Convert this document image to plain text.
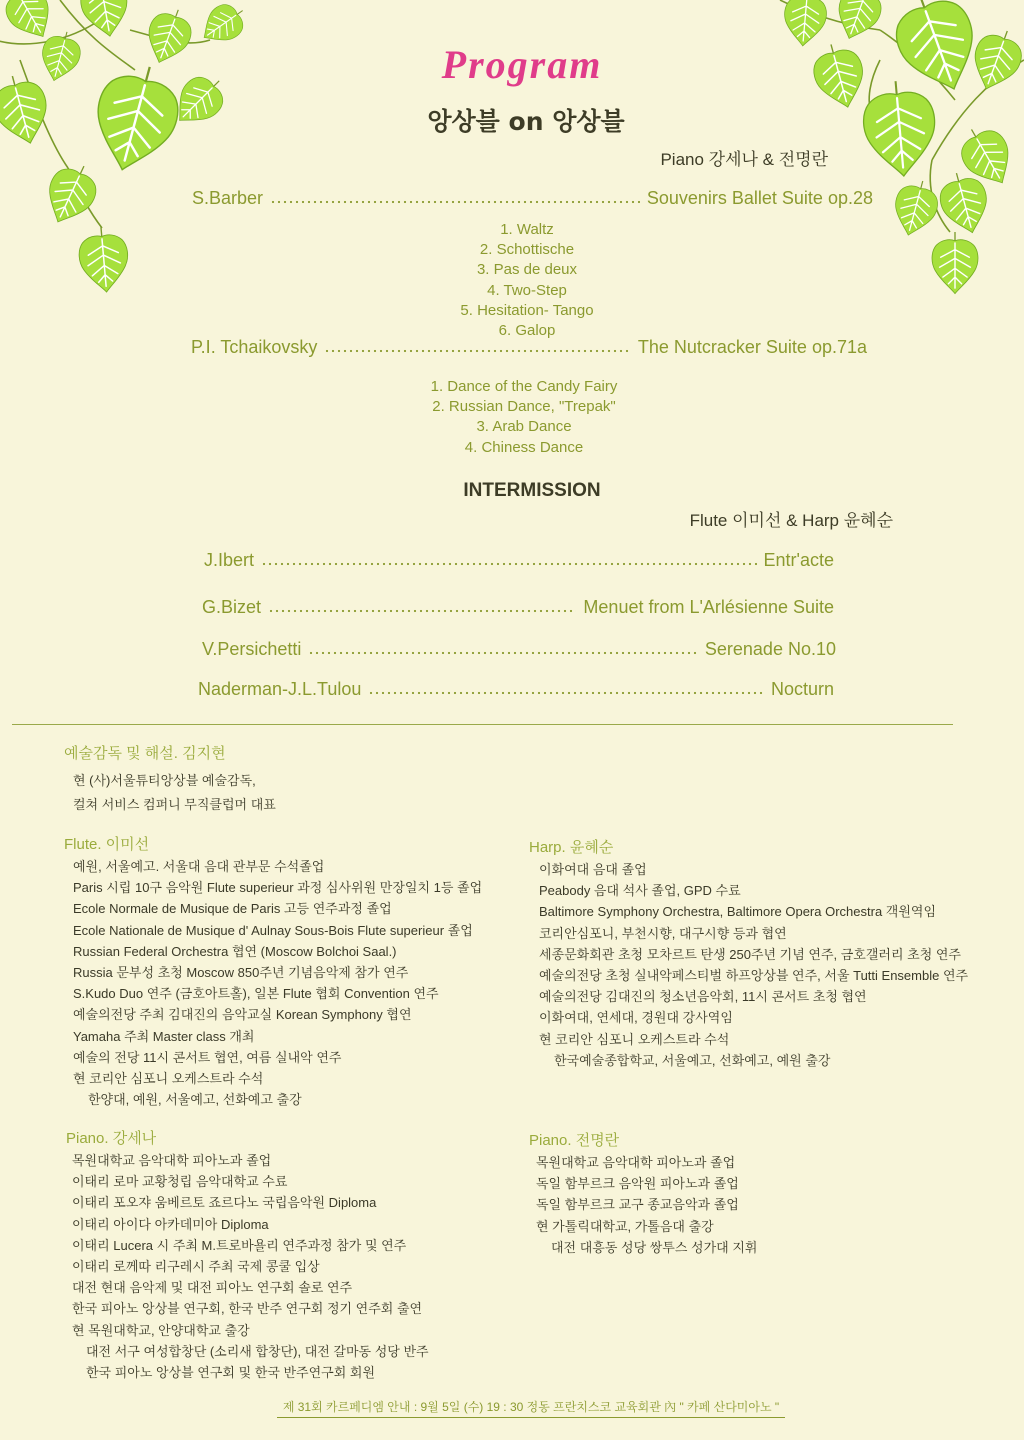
Program
앙상블 on 앙상블
Piano 강세나 & 전명란
S.Barber	Souvenirs Ballet Suite op.28
1. Waltz
2. Schottische
3. Pas de deux
4. Two-Step
5. Hesitation- Tango
6. Galop
P.I. Tchaikovsky	The Nutcracker Suite op.71a
1. Dance of the Candy Fairy
2. Russian Dance, "Trepak"
3. Arab Dance
4. Chiness Dance
INTERMISSION
Flute 이미선 & Harp 윤혜순
J.Ibert	Entr'acte
G.Bizet	Menuet from L'Arlésienne Suite
V.Persichetti	Serenade No.10
Naderman-J.L.Tulou	Nocturn
예술감독 및 해설. 김지현
현 (사)서울튜티앙상블 예술감독,
컬쳐 서비스 컴퍼니 무직클럽머 대표
Flute. 이미선
예원, 서울예고. 서울대 음대 관부문 수석졸업
Paris 시립 10구 음악원 Flute superieur 과정 심사위원 만장일치 1등 졸업
Ecole Normale de Musique de Paris 고등 연주과정 졸업
Ecole Nationale de Musique d' Aulnay Sous-Bois Flute superieur 졸업
Russian Federal Orchestra 협연 (Moscow Bolchoi Saal.)
Russia 문부성 초청 Moscow 850주년 기념음악제 참가 연주
S.Kudo Duo 연주 (금호아트홀), 일본 Flute 협회 Convention 연주
예술의전당 주최 김대진의 음악교실 Korean Symphony 협연
Yamaha 주최 Master class 개최
예술의 전당 11시 콘서트 협연, 여름 실내악 연주
현 코리안 심포니 오케스트라 수석
한양대, 예원, 서울예고, 선화예고 출강
Harp. 윤혜순
이화여대 음대 졸업
Peabody 음대 석사 졸업, GPD 수료
Baltimore Symphony Orchestra, Baltimore Opera Orchestra 객원역임
코리안심포니, 부천시향, 대구시향 등과 협연
세종문화회관 초청 모차르트 탄생 250주년 기념 연주, 금호갤러리 초청 연주
예술의전당 초청 실내악페스티벌 하프앙상블 연주, 서울 Tutti Ensemble 연주
예술의전당 김대진의 청소년음악회, 11시 콘서트 초청 협연
이화여대, 연세대, 경원대 강사역임
현 코리안 심포니 오케스트라 수석
한국예술종합학교, 서울예고, 선화예고, 예원 출강
Piano. 강세나
목원대학교 음악대학 피아노과 졸업
이태리 로마 교황청립 음악대학교 수료
이태리 포오쟈 움베르토 죠르다노 국립음악원 Diploma
이태리 아이다 아카데미아 Diploma
이태리 Lucera 시 주최 M.트로바욜리 연주과정 참가 및 연주
이태리 로께따 리구레시 주최 국제 콩쿨 입상
대전 현대 음악제 및 대전 피아노 연구회 솔로 연주
한국 피아노 앙상블 연구회, 한국 반주 연구회 정기 연주회 출연
현 목원대학교, 안양대학교 출강
대전 서구 여성합창단 (소리새 합창단), 대전 갈마동 성당 반주
한국 피아노 앙상블 연구회 및 한국 반주연구회 회원
Piano. 전명란
목원대학교 음악대학 피아노과 졸업
독일 함부르크 음악원 피아노과 졸업
독일 함부르크 교구 종교음악과 졸업
현 가톨릭대학교, 가톨음대 출강
대전 대흥동 성당 쌍투스 성가대 지휘
제 31회 카르페디엠 안내 : 9월 5일 (수) 19 : 30 정동 프란치스코 교육회관 內 " 카페 산다미아노 "
